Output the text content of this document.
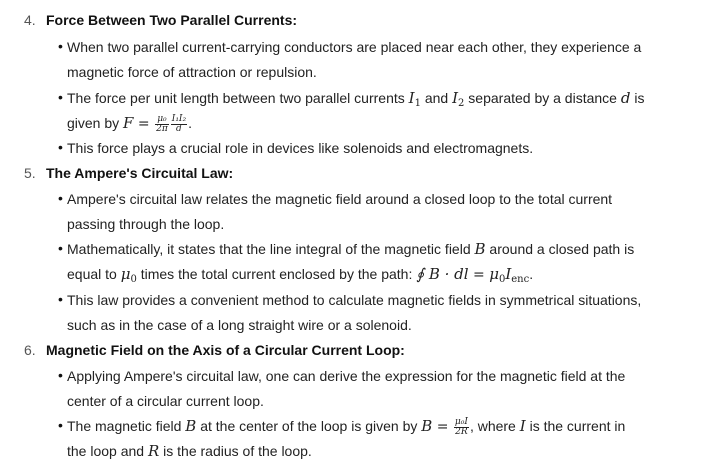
4. Force Between Two Parallel Currents:
• When two parallel current-carrying conductors are placed near each other, they experience a
magnetic force of attraction or repulsion.
• The force per unit length between two parallel currents $I_1$ and $I_2$ separated by a distance d is
given by $F = \frac{\text{μ₀}}{2\pi} \frac{\text{I₁I₂}}{d}$ .
• This force plays a crucial role in devices like solenoids and electromagnets.
5. The Ampere's Circuital Law:
• Ampere's circuital law relates the magnetic field around a closed loop to the total current
passing through the loop.
• Mathematically, it states that the line integral of the magnetic field B around a closed path is
equal to $\mu_0$ times the total current enclosed by the path: ∮ B · dl = $\mu_0I_{enc}$.
• This law provides a convenient method to calculate magnetic fields in symmetrical situations,
such as in the case of a long straight wire or a solenoid.
6. Magnetic Field on the Axis of a Circular Current Loop:
• Applying Ampere's circuital law, one can derive the expression for the magnetic field at the
center of a circular current loop.
• The magnetic field B at the center of the loop is given by $B = \frac{\text{μ₀I}}{2R}$ , where I is the current in
the loop and R is the radius of the loop.
